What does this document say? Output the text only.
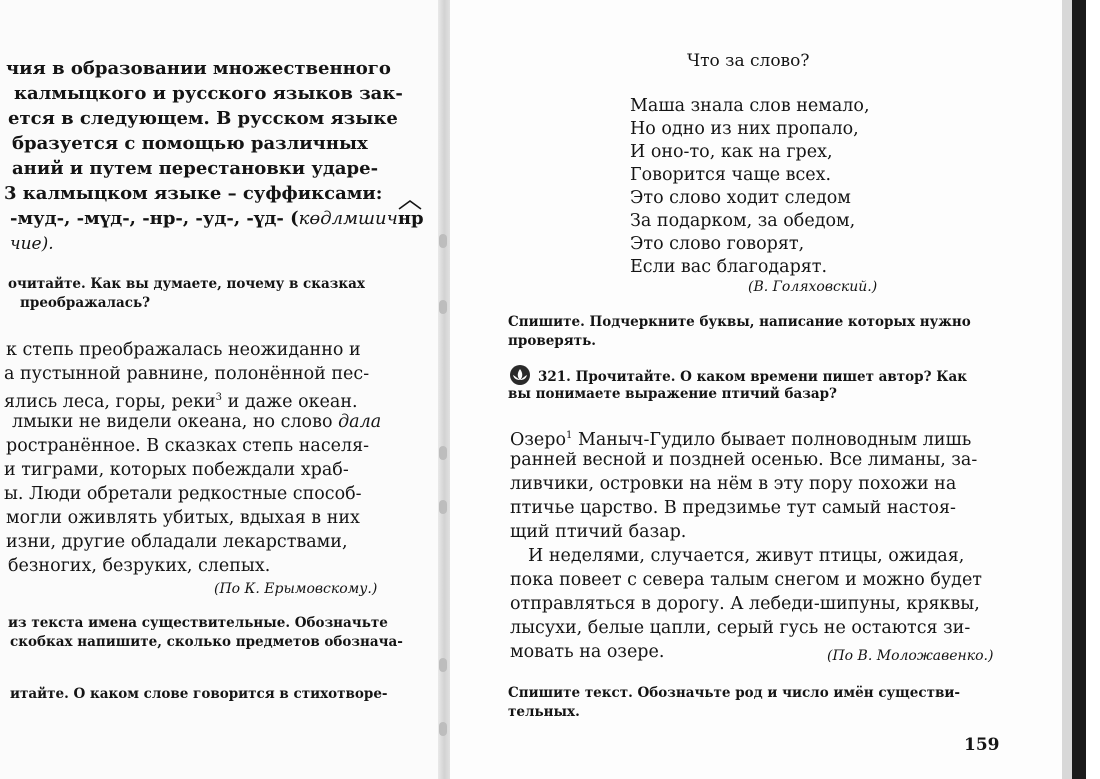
чия в образовании множественного
калмыцкого и русского языков зак-
ется в следующем. В русском языке
бразуется с помощью различных
аний и путем перестановки ударе-
3 калмыцком языке – суффиксами:
-муд-, -мүд-, -нр-, -уд-, -үд- (көдлмшич
нр
чие).
очитайте. Как вы думаете, почему в сказках
преображалась?
к степь преображалась неожиданно и
а пустынной равнине, полонённой пес-
ялись леса, горы, реки$^3$ и даже океан.
лмыки не видели океана, но слово дала
ространённое. В сказках степь населя-
и тиграми, которых побеждали храб-
ы. Люди обретали редкостные способ-
могли оживлять убитых, вдыхая в них
изни, другие обладали лекарствами,
безногих, безруких, слепых.
(По К. Ерымовскому.)
из текста имена существительные. Обозначьте
скобках напишите, сколько предметов обознача-
итайте. О каком слове говорится в стихотворе-
Что за слово?
Маша знала слов немало,
Но одно из них пропало,
И оно-то, как на грех,
Говорится чаще всех.
Это слово ходит следом
За подарком, за обедом,
Это слово говорят,
Если вас благодарят.
(В. Голяховский.)
Спишите. Подчеркните буквы, написание которых нужно
проверять.
321. Прочитайте. О каком времени пишет автор? Как
вы понимаете выражение птичий базар?
Озеро$^1$ Маныч-Гудило бывает полноводным лишь
ранней весной и поздней осенью. Все лиманы, за-
ливчики, островки на нём в эту пору похожи на
птичье царство. В предзимье тут самый настоя-
щий птичий базар.
И неделями, случается, живут птицы, ожидая,
пока повеет с севера талым снегом и можно будет
отправляться в дорогу. А лебеди-шипуны, кряквы,
лысухи, белые цапли, серый гусь не остаются зи-
мовать на озере.	(По В. Моложавенко.)
Спишите текст. Обозначьте род и число имён существи-
тельных.
159
